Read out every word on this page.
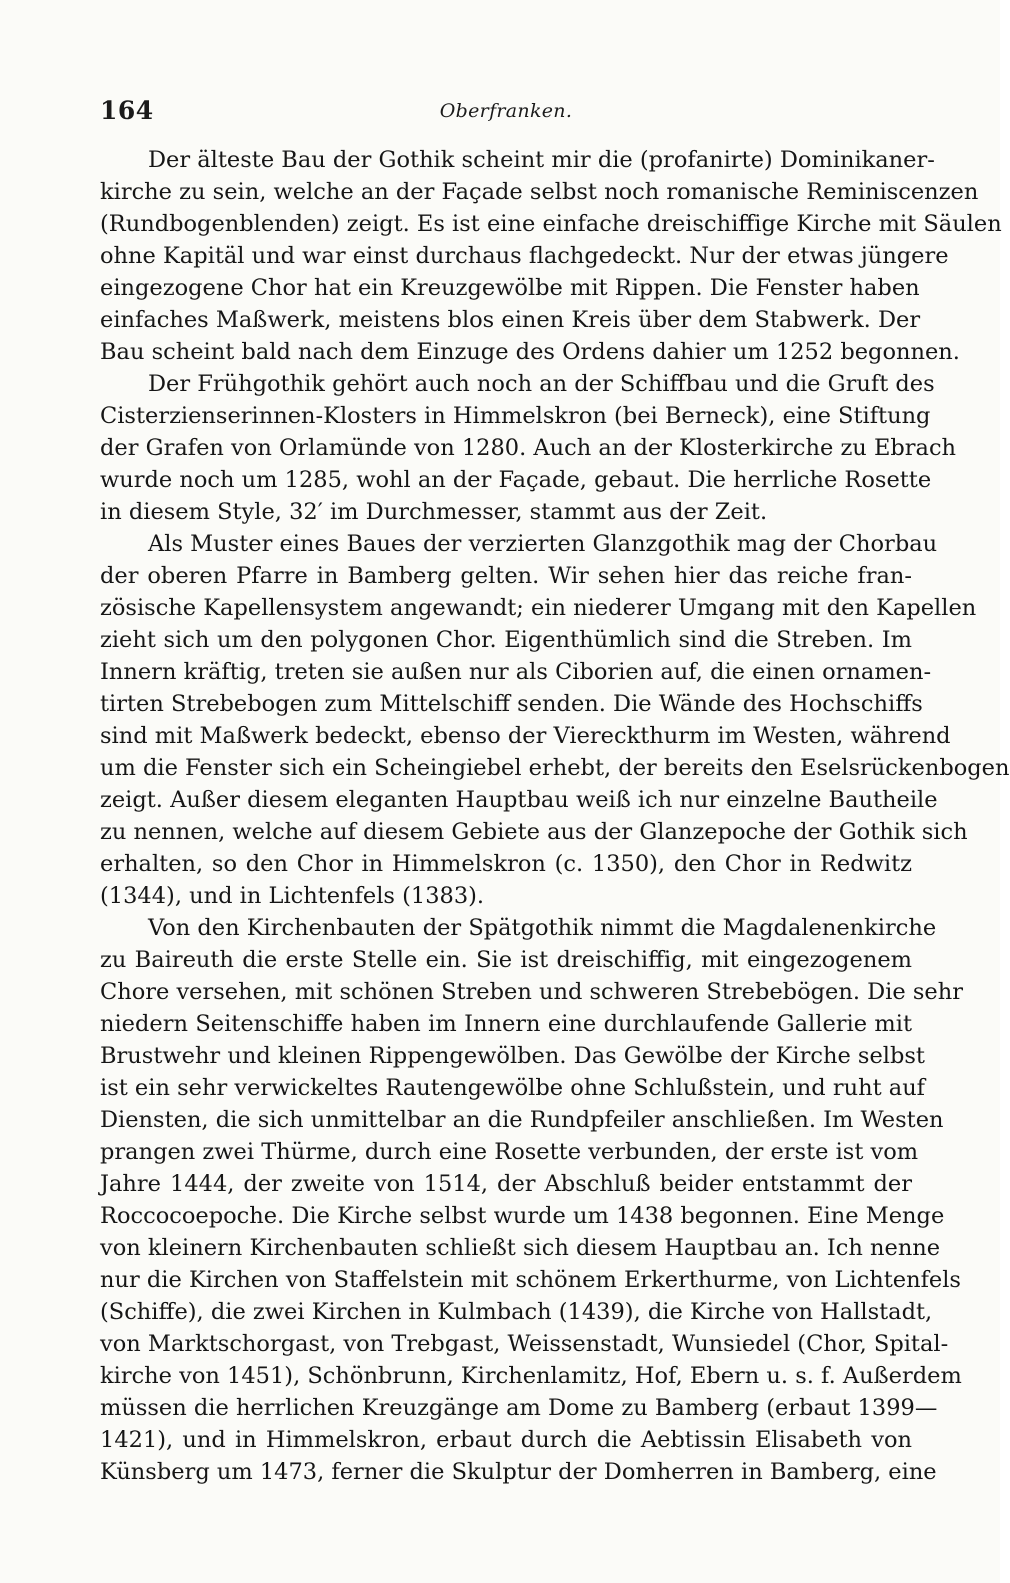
164	Oberfranken.
Der älteste Bau der Gothik scheint mir die (profanirte) Dominikaner-
kirche zu sein, welche an der Façade selbst noch romanische Reminiscenzen
(Rundbogenblenden) zeigt. Es ist eine einfache dreischiffige Kirche mit Säulen
ohne Kapitäl und war einst durchaus flachgedeckt. Nur der etwas jüngere
eingezogene Chor hat ein Kreuzgewölbe mit Rippen. Die Fenster haben
einfaches Maßwerk, meistens blos einen Kreis über dem Stabwerk. Der
Bau scheint bald nach dem Einzuge des Ordens dahier um 1252 begonnen.
Der Frühgothik gehört auch noch an der Schiffbau und die Gruft des
Cisterzienserinnen-Klosters in Himmelskron (bei Berneck), eine Stiftung
der Grafen von Orlamünde von 1280. Auch an der Klosterkirche zu Ebrach
wurde noch um 1285, wohl an der Façade, gebaut. Die herrliche Rosette
in diesem Style, 32′ im Durchmesser, stammt aus der Zeit.
Als Muster eines Baues der verzierten Glanzgothik mag der Chorbau
der oberen Pfarre in Bamberg gelten. Wir sehen hier das reiche fran-
zösische Kapellensystem angewandt; ein niederer Umgang mit den Kapellen
zieht sich um den polygonen Chor. Eigenthümlich sind die Streben. Im
Innern kräftig, treten sie außen nur als Ciborien auf, die einen ornamen-
tirten Strebebogen zum Mittelschiff senden. Die Wände des Hochschiffs
sind mit Maßwerk bedeckt, ebenso der Viereckthurm im Westen, während
um die Fenster sich ein Scheingiebel erhebt, der bereits den Eselsrückenbogen
zeigt. Außer diesem eleganten Hauptbau weiß ich nur einzelne Bautheile
zu nennen, welche auf diesem Gebiete aus der Glanzepoche der Gothik sich
erhalten, so den Chor in Himmelskron (c. 1350), den Chor in Redwitz
(1344), und in Lichtenfels (1383).
Von den Kirchenbauten der Spätgothik nimmt die Magdalenenkirche
zu Baireuth die erste Stelle ein. Sie ist dreischiffig, mit eingezogenem
Chore versehen, mit schönen Streben und schweren Strebebögen. Die sehr
niedern Seitenschiffe haben im Innern eine durchlaufende Gallerie mit
Brustwehr und kleinen Rippengewölben. Das Gewölbe der Kirche selbst
ist ein sehr verwickeltes Rautengewölbe ohne Schlußstein, und ruht auf
Diensten, die sich unmittelbar an die Rundpfeiler anschließen. Im Westen
prangen zwei Thürme, durch eine Rosette verbunden, der erste ist vom
Jahre 1444, der zweite von 1514, der Abschluß beider entstammt der
Roccocoepoche. Die Kirche selbst wurde um 1438 begonnen. Eine Menge
von kleinern Kirchenbauten schließt sich diesem Hauptbau an. Ich nenne
nur die Kirchen von Staffelstein mit schönem Erkerthurme, von Lichtenfels
(Schiffe), die zwei Kirchen in Kulmbach (1439), die Kirche von Hallstadt,
von Marktschorgast, von Trebgast, Weissenstadt, Wunsiedel (Chor, Spital-
kirche von 1451), Schönbrunn, Kirchenlamitz, Hof, Ebern u. s. f. Außerdem
müssen die herrlichen Kreuzgänge am Dome zu Bamberg (erbaut 1399—
1421), und in Himmelskron, erbaut durch die Aebtissin Elisabeth von
Künsberg um 1473, ferner die Skulptur der Domherren in Bamberg, eine
